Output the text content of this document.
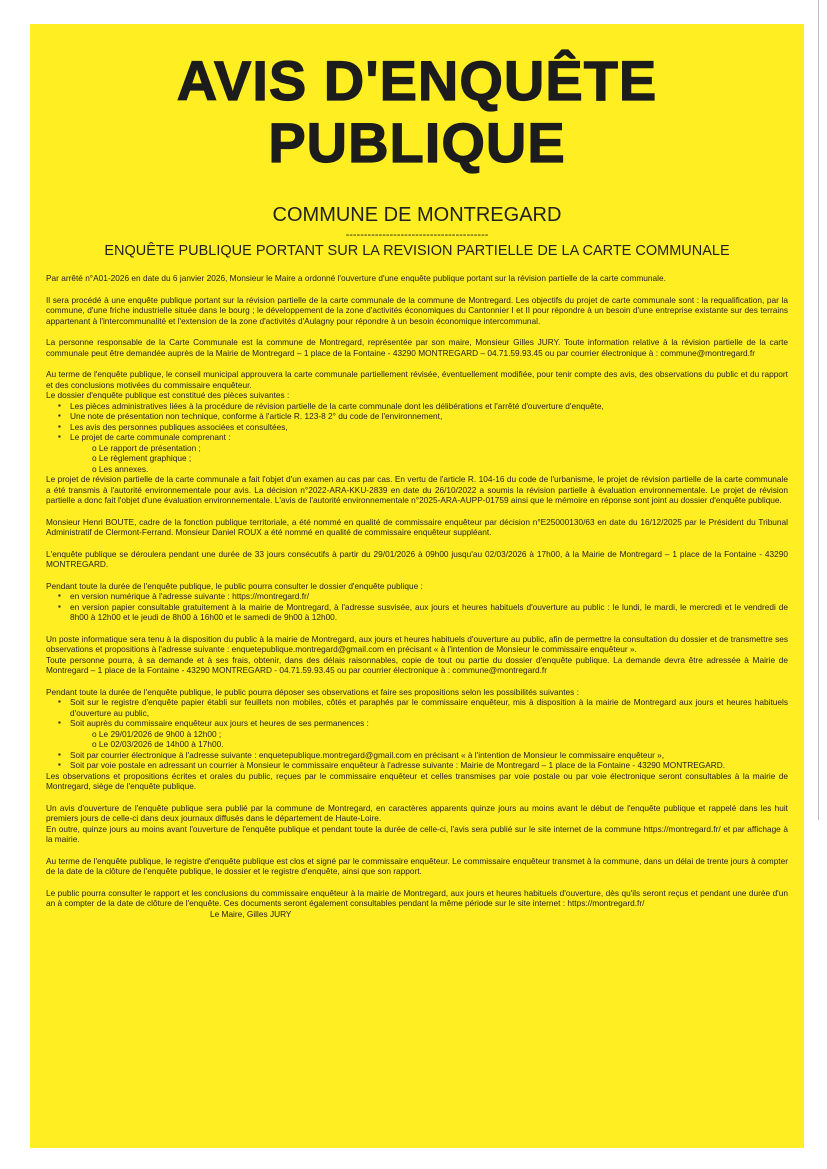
AVIS D'ENQUÊTE
PUBLIQUE
COMMUNE DE MONTREGARD
---------------------------------------
ENQUÊTE PUBLIQUE PORTANT SUR LA REVISION PARTIELLE DE LA CARTE COMMUNALE

Par arrêté n°A01-2026 en date du 6 janvier 2026, Monsieur le Maire a ordonné l'ouverture d'une enquête publique portant sur la révision partielle de la carte communale.

Il sera procédé à une enquête publique portant sur la révision partielle de la carte communale de la commune de Montregard. Les objectifs du projet de carte communale sont : la requalification, par la commune, d'une friche industrielle située dans le bourg ; le développement de la zone d'activités économiques du Cantonnier I et II pour répondre à un besoin d'une entreprise existante sur des terrains appartenant à l'intercommunalité et l'extension de la zone d'activités d'Aulagny pour répondre à un besoin économique intercommunal.

La personne responsable de la Carte Communale est la commune de Montregard, représentée par son maire, Monsieur Gilles JURY. Toute information relative à la révision partielle de la carte communale peut être demandée auprès de la Mairie de Montregard – 1 place de la Fontaine - 43290 MONTREGARD – 04.71.59.93.45 ou par courrier électronique à : commune@montregard.fr

Au terme de l'enquête publique, le conseil municipal approuvera la carte communale partiellement révisée, éventuellement modifiée, pour tenir compte des avis, des observations du public et du rapport et des conclusions motivées du commissaire enquêteur.

Le dossier d'enquête publique est constitué des pièces suivantes :

▪ Les pièces administratives liées à la procédure de révision partielle de la carte communale dont les délibérations et l'arrêté d'ouverture d'enquête,
▪ Une note de présentation non technique, conforme à l'article R. 123-8 2° du code de l'environnement,
▪ Les avis des personnes publiques associées et consultées,
▪ Le projet de carte communale comprenant :
o Le rapport de présentation ;
o Le règlement graphique ;
o Les annexes.

Le projet de révision partielle de la carte communale a fait l'objet d'un examen au cas par cas. En vertu de l'article R. 104-16 du code de l'urbanisme, le projet de révision partielle de la carte communale a été transmis à l'autorité environnementale pour avis. La décision n°2022-ARA-KKU-2839 en date du 26/10/2022 a soumis la révision partielle à évaluation environnementale. Le projet de révision partielle a donc fait l'objet d'une évaluation environnementale. L'avis de l'autorité environnementale n°2025-ARA-AUPP-01759 ainsi que le mémoire en réponse sont joint au dossier d'enquête publique.

Monsieur Henri BOUTE, cadre de la fonction publique territoriale, a été nommé en qualité de commissaire enquêteur par décision n°E25000130/63 en date du 16/12/2025 par le Président du Tribunal Administratif de Clermont-Ferrand. Monsieur Daniel ROUX a été nommé en qualité de commissaire enquêteur suppléant.

L'enquête publique se déroulera pendant une durée de 33 jours consécutifs à partir du 29/01/2026 à 09h00 jusqu'au 02/03/2026 à 17h00, à la Mairie de Montregard – 1 place de la Fontaine - 43290 MONTREGARD.

Pendant toute la durée de l'enquête publique, le public pourra consulter le dossier d'enquête publique :

▪ en version numérique à l'adresse suivante : https://montregard.fr/
▪ en version papier consultable gratuitement à la mairie de Montregard, à l'adresse susvisée, aux jours et heures habituels d'ouverture au public : le lundi, le mardi, le mercredi et le vendredi de 8h00 à 12h00 et le jeudi de 8h00 à 16h00 et le samedi de 9h00 à 12h00.

Un poste informatique sera tenu à la disposition du public à la mairie de Montregard, aux jours et heures habituels d'ouverture au public, afin de permettre la consultation du dossier et de transmettre ses observations et propositions à l'adresse suivante : enquetepublique.montregard@gmail.com en précisant « à l'intention de Monsieur le commissaire enquêteur ».

Toute personne pourra, à sa demande et à ses frais, obtenir, dans des délais raisonnables, copie de tout ou partie du dossier d'enquête publique. La demande devra être adressée à Mairie de Montregard – 1 place de la Fontaine - 43290 MONTREGARD - 04.71.59.93.45 ou par courrier électronique à : commune@montregard.fr

Pendant toute la durée de l'enquête publique, le public pourra déposer ses observations et faire ses propositions selon les possibilités suivantes :

▪ Soit sur le registre d'enquête papier établi sur feuillets non mobiles, côtés et paraphés par le commissaire enquêteur, mis à disposition à la mairie de Montregard aux jours et heures habituels d'ouverture au public,
▪ Soit auprès du commissaire enquêteur aux jours et heures de ses permanences :
o Le 29/01/2026 de 9h00 à 12h00 ;
o Le 02/03/2026 de 14h00 à 17h00.
▪ Soit par courrier électronique à l'adresse suivante : enquetepublique.montregard@gmail.com en précisant « à l'intention de Monsieur le commissaire enquêteur »,
▪ Soit par voie postale en adressant un courrier à Monsieur le commissaire enquêteur à l'adresse suivante : Mairie de Montregard – 1 place de la Fontaine - 43290 MONTREGARD.

Les observations et propositions écrites et orales du public, reçues par le commissaire enquêteur et celles transmises par voie postale ou par voie électronique seront consultables à la mairie de Montregard, siège de l'enquête publique.

Un avis d'ouverture de l'enquête publique sera publié par la commune de Montregard, en caractères apparents quinze jours au moins avant le début de l'enquête publique et rappelé dans les huit premiers jours de celle-ci dans deux journaux diffusés dans le département de Haute-Loire.

En outre, quinze jours au moins avant l'ouverture de l'enquête publique et pendant toute la durée de celle-ci, l'avis sera publié sur le site internet de la commune https://montregard.fr/ et par affichage à la mairie.

Au terme de l'enquête publique, le registre d'enquête publique est clos et signé par le commissaire enquêteur. Le commissaire enquêteur transmet à la commune, dans un délai de trente jours à compter de la date de la clôture de l'enquête publique, le dossier et le registre d'enquête, ainsi que son rapport.

Le public pourra consulter le rapport et les conclusions du commissaire enquêteur à la mairie de Montregard, aux jours et heures habituels d'ouverture, dès qu'ils seront reçus et pendant une durée d'un an à compter de la date de clôture de l'enquête. Ces documents seront également consultables pendant la même période sur le site internet : https://montregard.fr/

Le Maire, Gilles JURY
